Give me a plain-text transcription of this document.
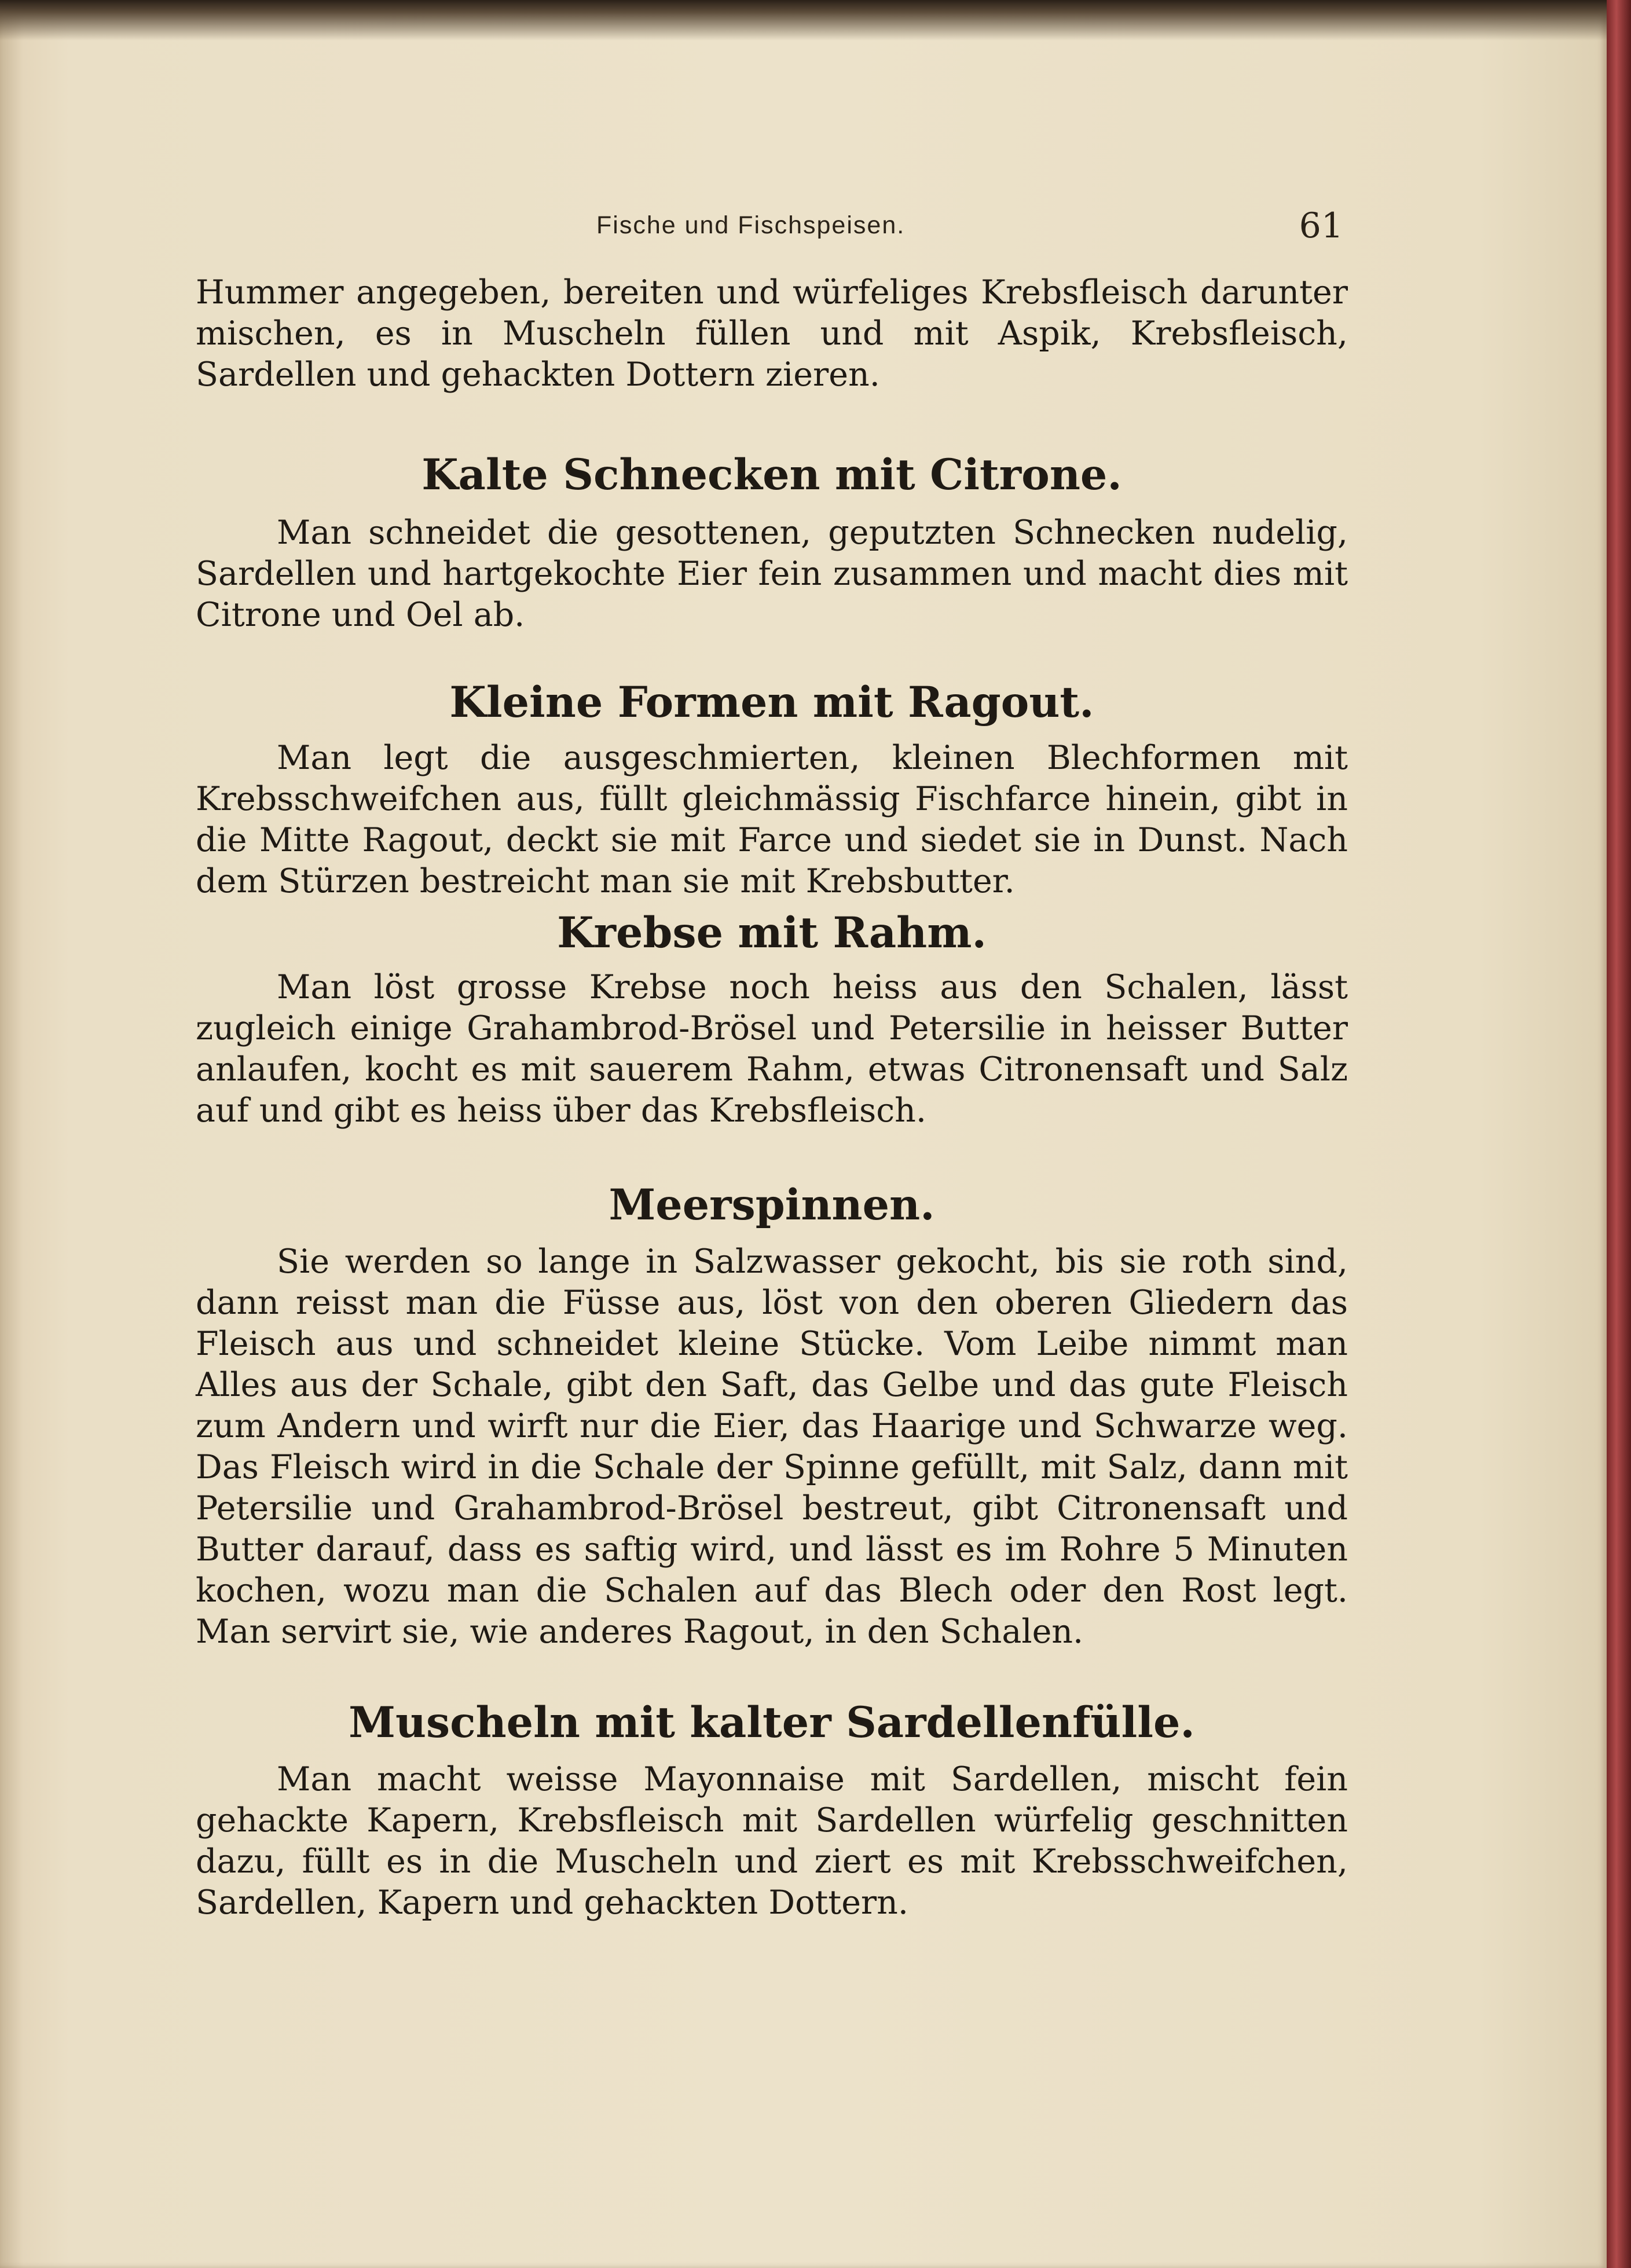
Fische und Fischspeisen.	61

Hummer angegeben, bereiten und würfeliges Krebsfleisch darunter mischen, es in Muscheln füllen und mit Aspik, Krebsfleisch, Sardellen und gehackten Dottern zieren.

Kalte Schnecken mit Citrone.

Man schneidet die gesottenen, geputzten Schnecken nudelig, Sardellen und hartgekochte Eier fein zusammen und macht dies mit Citrone und Oel ab.

Kleine Formen mit Ragout.

Man legt die ausgeschmierten, kleinen Blechformen mit Krebsschweifchen aus, füllt gleichmässig Fischfarce hinein, gibt in die Mitte Ragout, deckt sie mit Farce und siedet sie in Dunst. Nach dem Stürzen bestreicht man sie mit Krebsbutter.

Krebse mit Rahm.

Man löst grosse Krebse noch heiss aus den Schalen, lässt zugleich einige Grahambrod-Brösel und Petersilie in heisser Butter anlaufen, kocht es mit sauerem Rahm, etwas Citronensaft und Salz auf und gibt es heiss über das Krebsfleisch.

Meerspinnen.

Sie werden so lange in Salzwasser gekocht, bis sie roth sind, dann reisst man die Füsse aus, löst von den oberen Gliedern das Fleisch aus und schneidet kleine Stücke. Vom Leibe nimmt man Alles aus der Schale, gibt den Saft, das Gelbe und das gute Fleisch zum Andern und wirft nur die Eier, das Haarige und Schwarze weg. Das Fleisch wird in die Schale der Spinne gefüllt, mit Salz, dann mit Petersilie und Grahambrod-Brösel bestreut, gibt Citronensaft und Butter darauf, dass es saftig wird, und lässt es im Rohre 5 Minuten kochen, wozu man die Schalen auf das Blech oder den Rost legt. Man servirt sie, wie anderes Ragout, in den Schalen.

Muscheln mit kalter Sardellenfülle.

Man macht weisse Mayonnaise mit Sardellen, mischt fein gehackte Kapern, Krebsfleisch mit Sardellen würfelig geschnitten dazu, füllt es in die Muscheln und ziert es mit Krebsschweifchen, Sardellen, Kapern und gehackten Dottern.
